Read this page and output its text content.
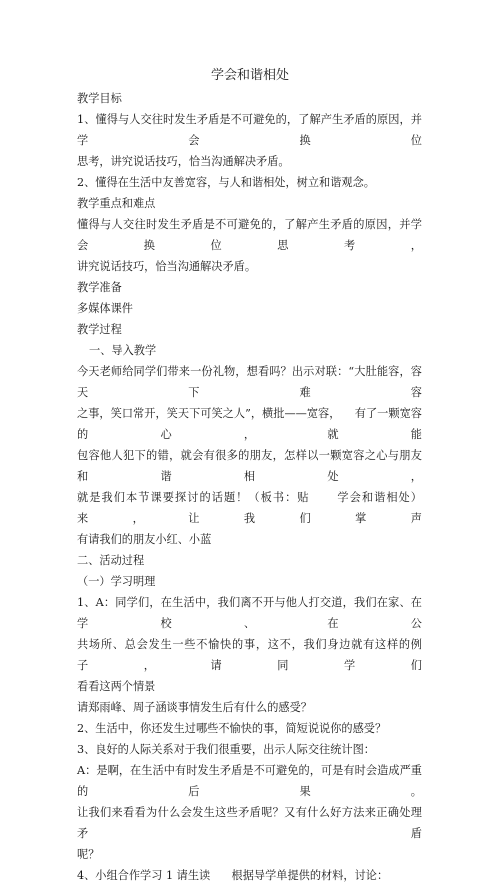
学会和谐相处

教学目标

1、懂得与人交往时发生矛盾是不可避免的，了解产生矛盾的原因，并学会换位

思考，讲究说话技巧，恰当沟通解决矛盾。

2、懂得在生活中友善宽容，与人和谐相处，树立和谐观念。

教学重点和难点

懂得与人交往时发生矛盾是不可避免的，了解产生矛盾的原因，并学会换位思考，

讲究说话技巧，恰当沟通解决矛盾。

教学准备

多媒体课件

教学过程

一、导入教学

今天老师给同学们带来一份礼物，想看吗？出示对联：“大肚能容，容天下难容

之事，笑口常开，笑天下可笑之人”，横批——宽容，    有了一颗宽容的心，就能

包容他人犯下的错，就会有很多的朋友，怎样以一颗宽容之心与朋友和谐相处，

就是我们本节课要探讨的话题！（板书：贴      学会和谐相处）    来，让我们掌声

有请我们的朋友小红、小蓝

二、活动过程

（一）学习明理

1、A：同学们，在生活中，我们离不开与他人打交道，我们在家、在学校、在公

共场所、总会发生一些不愉快的事，这不，我们身边就有这样的例子，请同学们

看看这两个情景

请郑雨峰、周子涵谈事情发生后有什么的感受？

2、生活中，你还发生过哪些不愉快的事，简短说说你的感受？

3、良好的人际关系对于我们很重要，出示人际交往统计图：

A：是啊，在生活中有时发生矛盾是不可避免的，可是有时会造成严重的后果。

让我们来看看为什么会发生这些矛盾呢？又有什么好方法来正确处理矛盾

呢？

4、小组合作学习 1 请生读      根据导学单提供的材料，讨论：
